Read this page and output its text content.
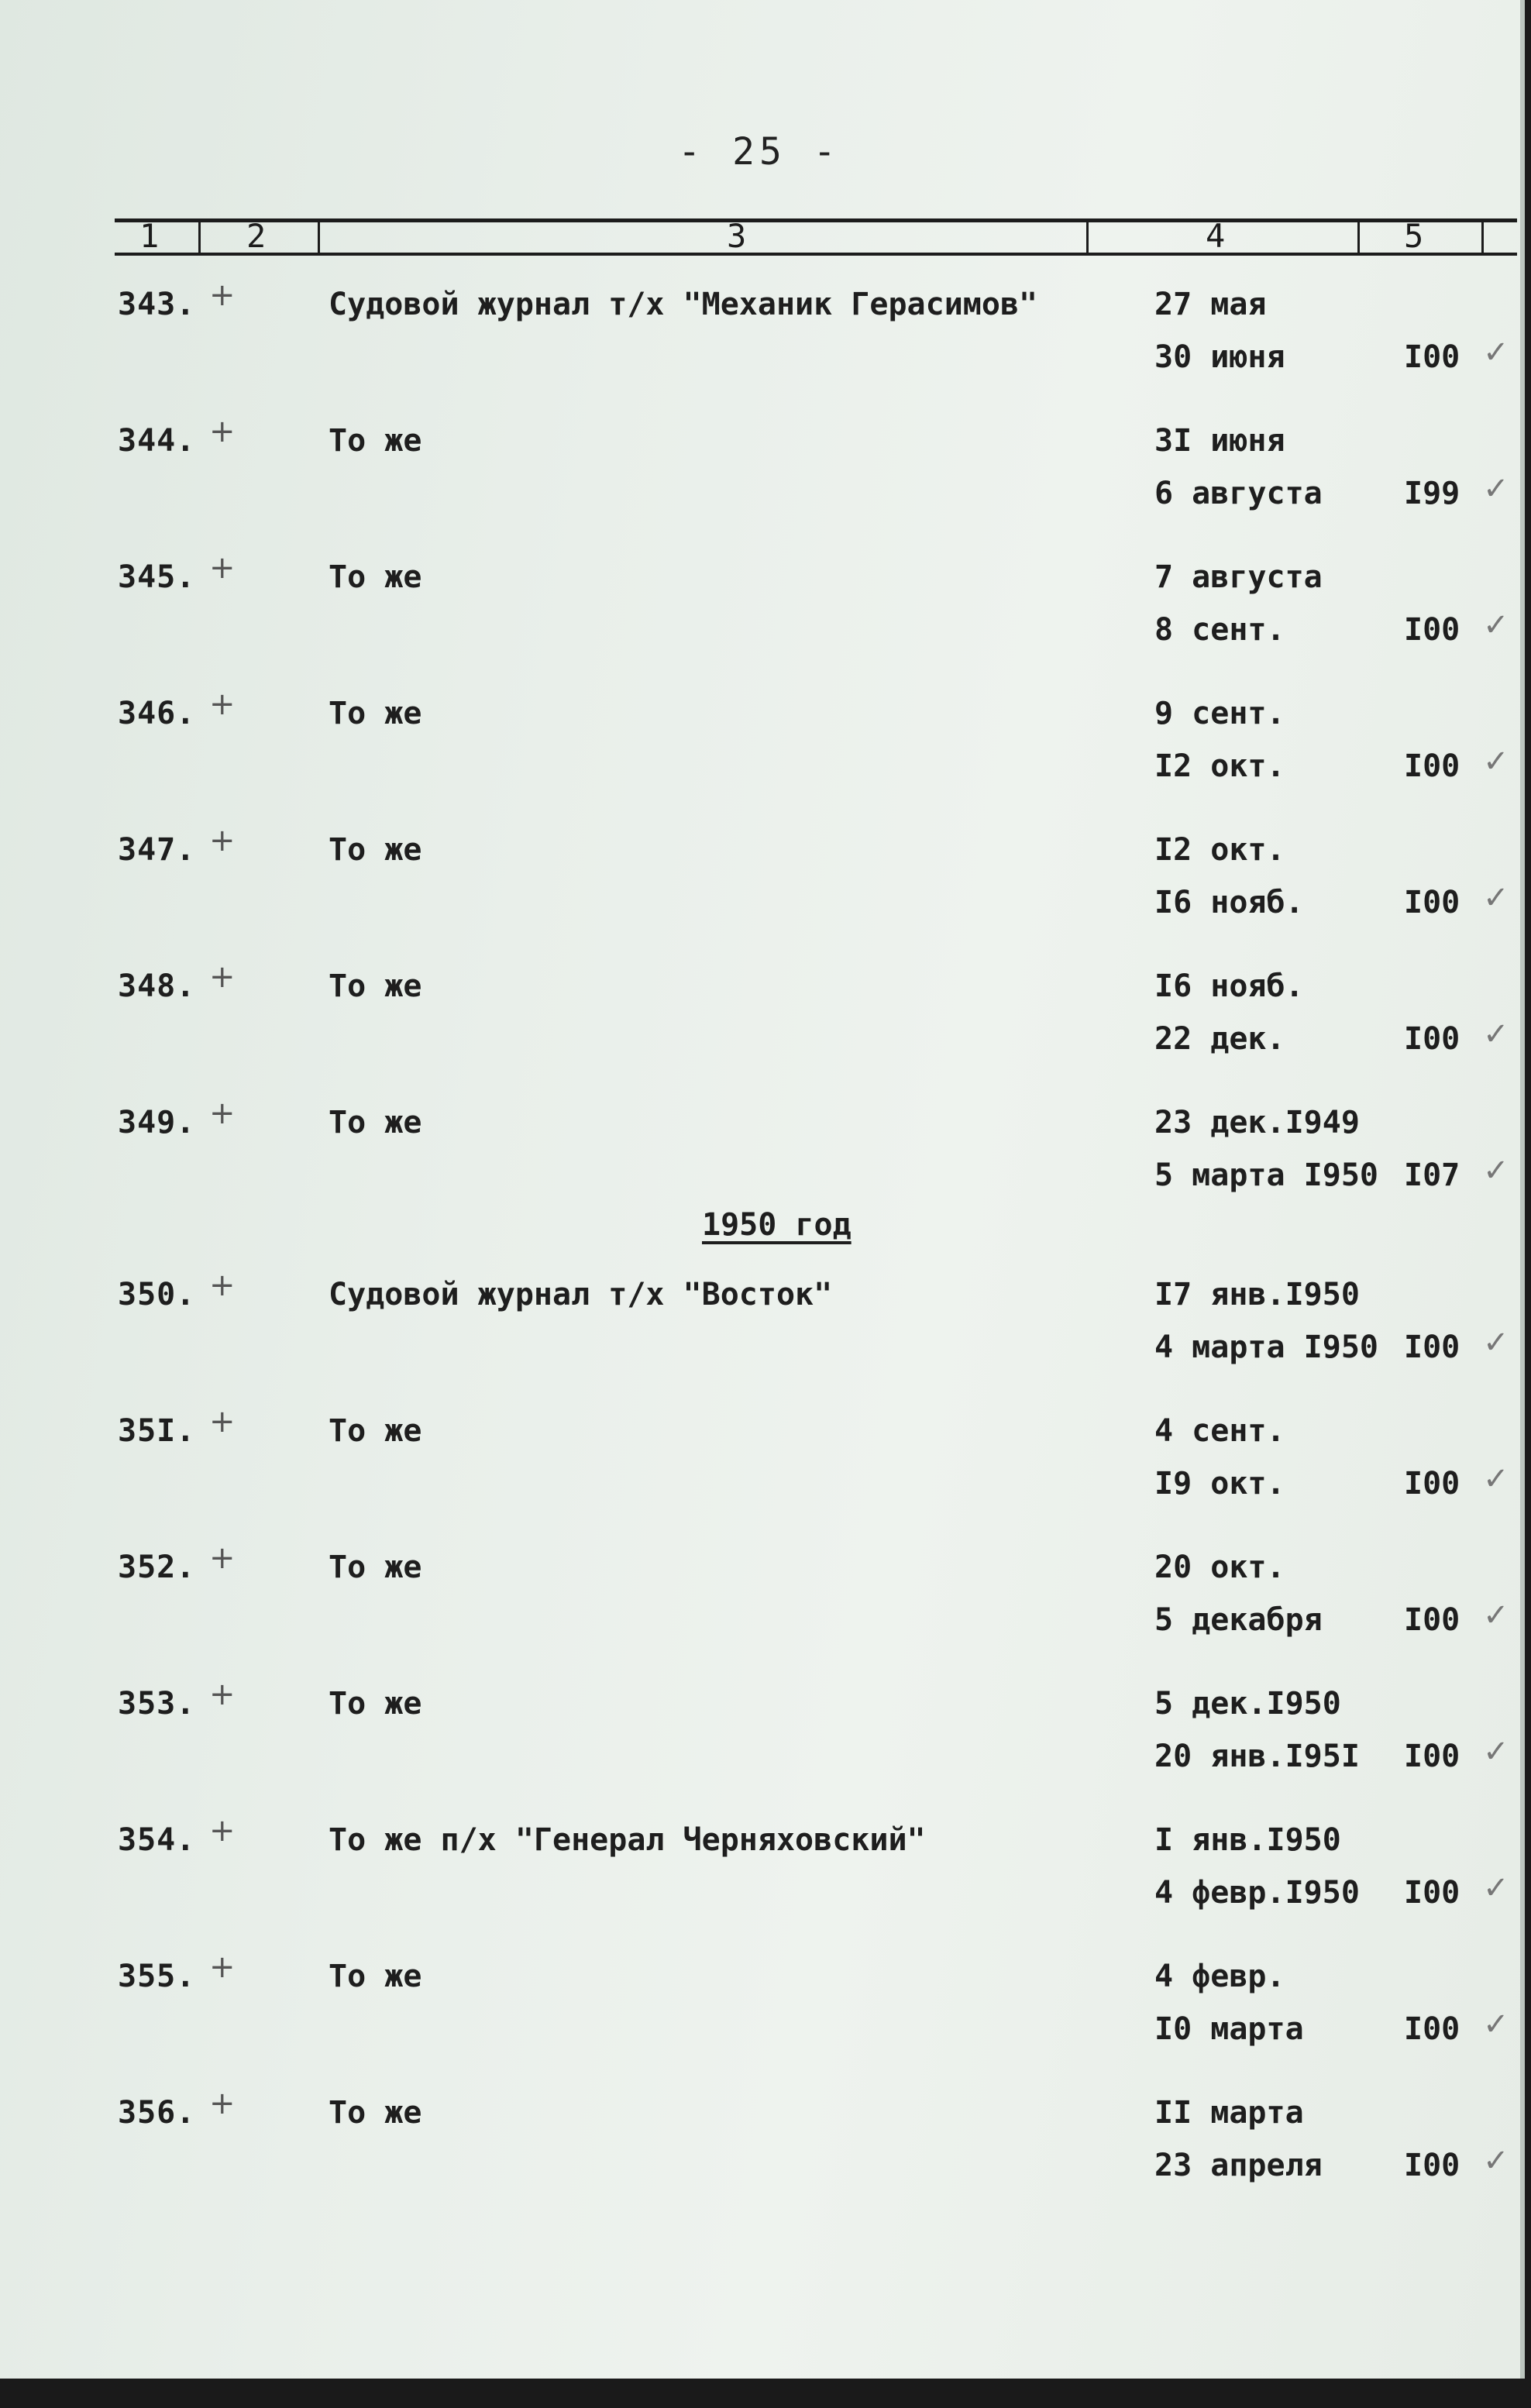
- 25 -
1	2	3	4	5
1950 год
343. +	Судовой журнал т/х "Механик Герасимов"	27 мая
30 июня	I00 ✓
344. +	То же	3I июня
6 августа	I99 ✓
345. +	То же	7 августа
8 сент.	I00 ✓
346. +	То же	9 сент.
I2 окт.	I00 ✓
347. +	То же	I2 окт.
I6 нояб.	I00 ✓
348. +	То же	I6 нояб.
22 дек.	I00 ✓
349. +	То же	23 дек.I949
5 марта I950 I07 ✓
350. +	Судовой журнал т/х "Восток"	I7 янв.I950
4 марта I950 I00 ✓
35I. +	То же	4 сент.
I9 окт.	I00 ✓
352. +	То же	20 окт.
5 декабря	I00 ✓
353. +	То же	5 дек.I950
20 янв.I95I I00 ✓
354. +	То же п/х "Генерал Черняховский"	I янв.I950
4 февр.I950 I00 ✓
355. +	То же	4 февр.
I0 марта	I00 ✓
356. +	То же	II марта
23 апреля	I00 ✓
